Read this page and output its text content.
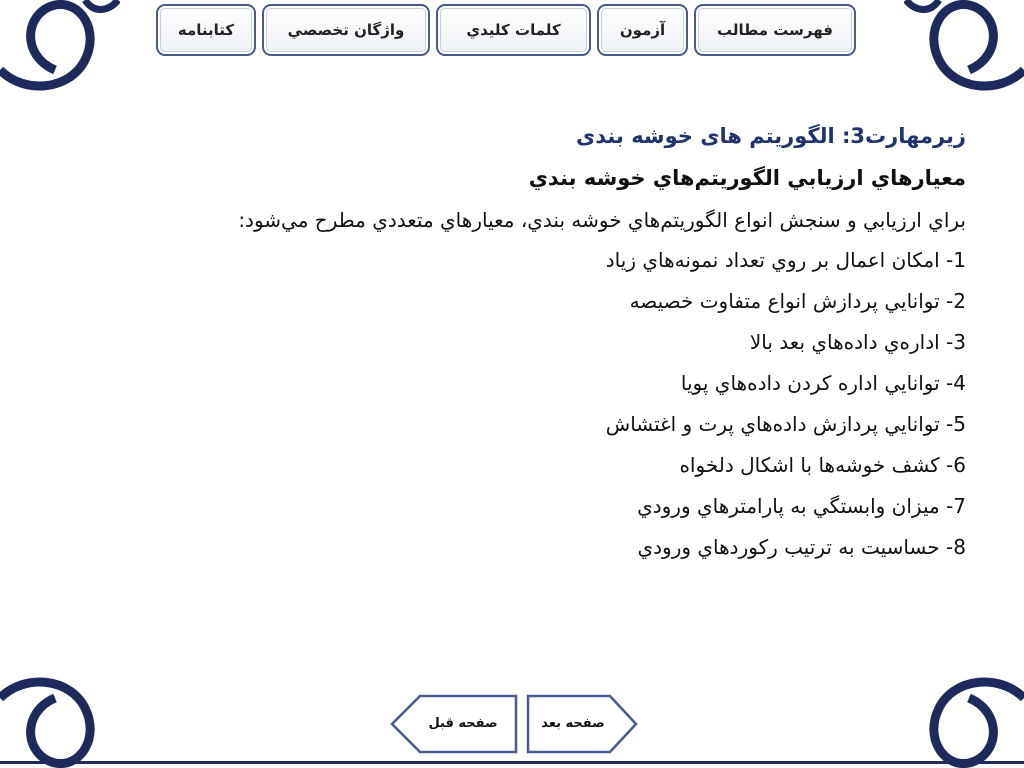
فهرست مطالب
آزمون
كلمات كليدي
واژگان تخصصي
كتابنامه
زیرمهارت3: الگوریتم های خوشه بندی
معيارهاي ارزيابي الگوريتم‌هاي خوشه بندي
براي ارزيابي و سنجش انواع الگوريتم‌هاي خوشه بندي، معيارهاي متعددي مطرح مي‌شود:
1- امكان اعمال بر روي تعداد نمونه‌هاي زياد
2- توانايي پردازش انواع متفاوت خصيصه
3- اداره‌ي داده‌هاي بعد بالا
4- توانايي اداره كردن داده‌هاي پويا
5- توانايي پردازش داده‌هاي پرت و اغتشاش
6- كشف خوشه‌ها با اشكال دلخواه
7- ميزان وابستگي به پارامترهاي ورودي
8- حساسيت به ترتيب ركوردهاي ورودي
صفحه قبل	صفحه بعد
